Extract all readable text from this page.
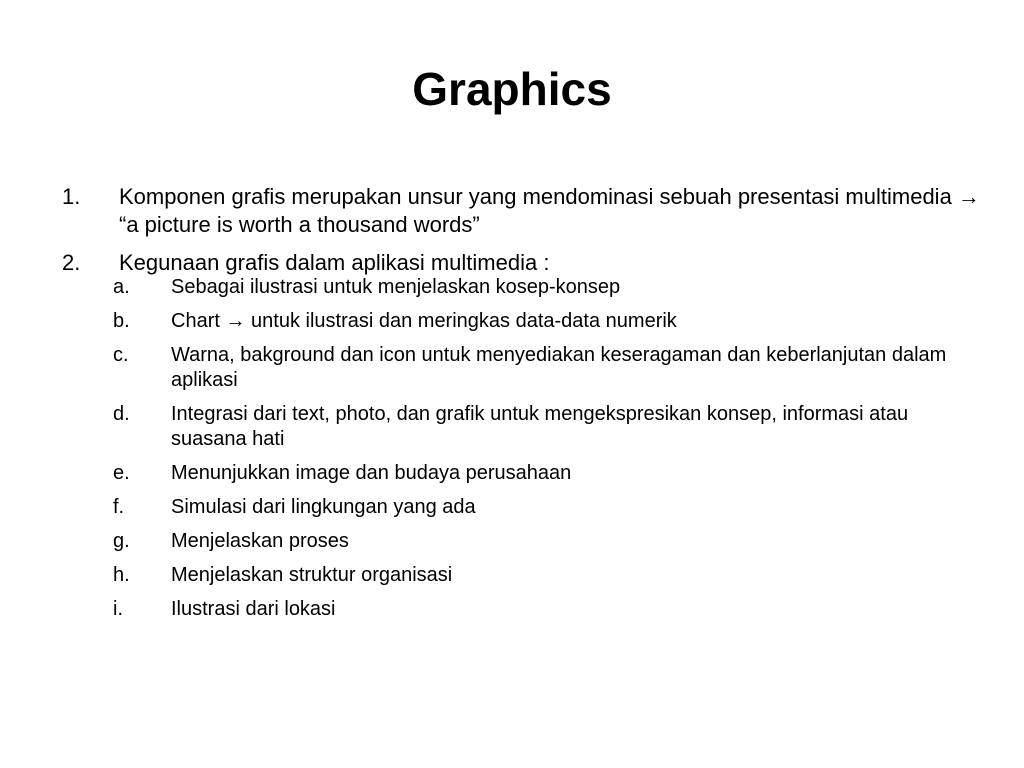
Graphics
1.	Komponen grafis merupakan unsur yang mendominasi sebuah presentasi multimedia → “a picture is worth a thousand words”
2.	Kegunaan grafis dalam aplikasi multimedia :
a.	Sebagai ilustrasi untuk menjelaskan kosep-konsep
b.	Chart → untuk ilustrasi dan meringkas data-data numerik
c.	Warna, bakground dan icon untuk menyediakan keseragaman dan keberlanjutan dalam aplikasi
d.	Integrasi dari text, photo, dan grafik untuk mengekspresikan konsep, informasi atau suasana hati
e.	Menunjukkan image dan budaya perusahaan
f.	Simulasi dari lingkungan yang ada
g.	Menjelaskan proses
h.	Menjelaskan struktur organisasi
i.	Ilustrasi dari lokasi
